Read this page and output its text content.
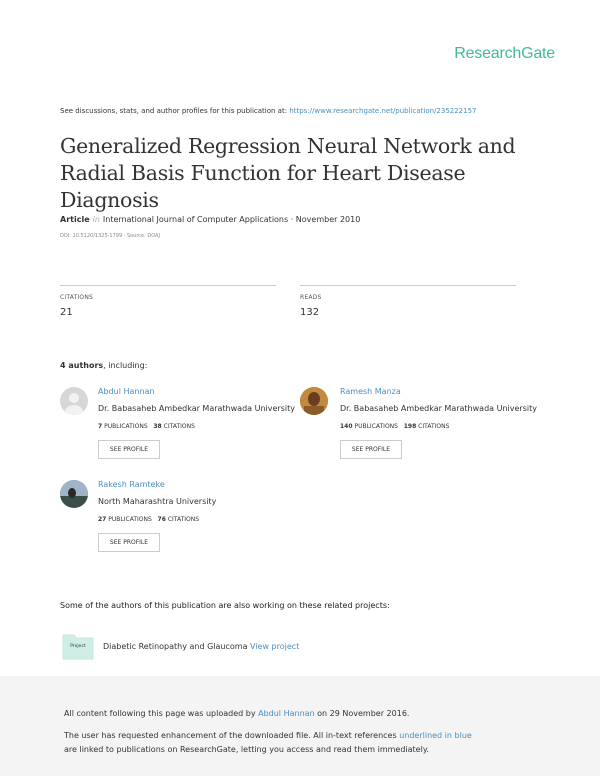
ResearchGate
See discussions, stats, and author profiles for this publication at: https://www.researchgate.net/publication/235222157
Generalized Regression Neural Network and
Radial Basis Function for Heart Disease Diagnosis
Article in International Journal of Computer Applications · November 2010
DOI: 10.5120/1325-1799 · Source: DOAJ
CITATIONS
21
READS
132
4 authors, including:
Abdul Hannan
Dr. Babasaheb Ambedkar Marathwada University
7 PUBLICATIONS 38 CITATIONS
SEE PROFILE
Ramesh Manza
Dr. Babasaheb Ambedkar Marathwada University
140 PUBLICATIONS 198 CITATIONS
SEE PROFILE
Rakesh Ramteke
North Maharashtra University
27 PUBLICATIONS 76 CITATIONS
SEE PROFILE
Some of the authors of this publication are also working on these related projects:
Project	Diabetic Retinopathy and Glaucoma View project
All content following this page was uploaded by Abdul Hannan on 29 November 2016.
The user has requested enhancement of the downloaded file. All in-text references underlined in blue
are linked to publications on ResearchGate, letting you access and read them immediately.
